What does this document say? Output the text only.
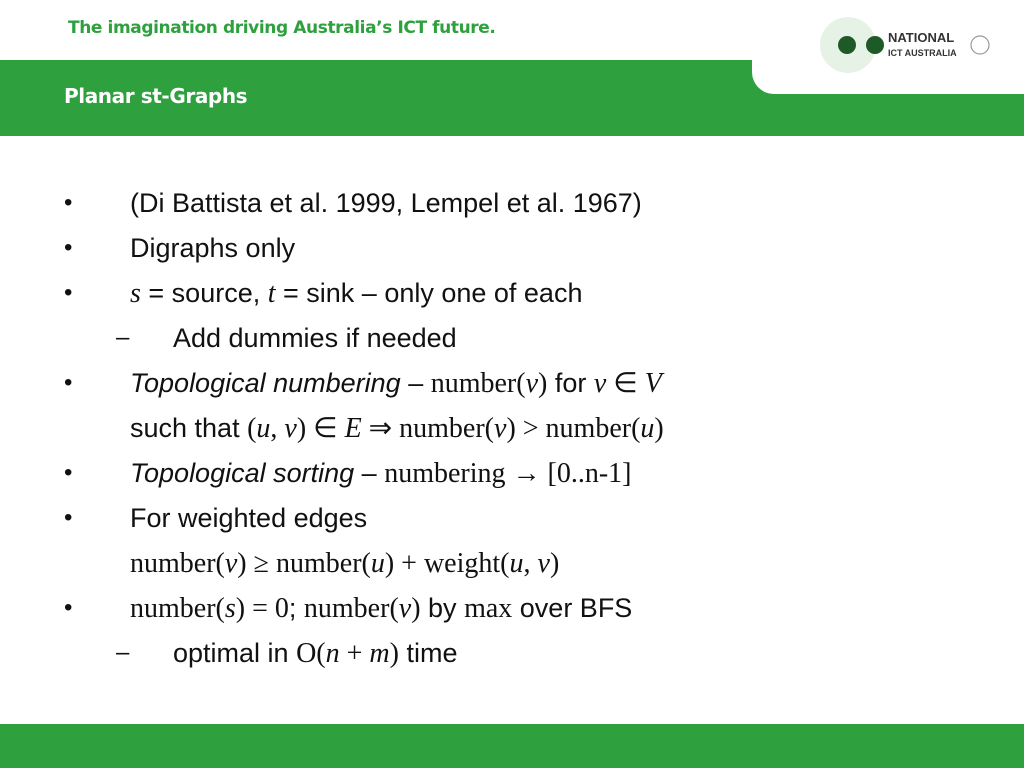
The imagination driving Australia’s ICT future.
Planar st-Graphs
NATIONAL
ICT AUSTRALIA
• (Di Battista et al. 1999, Lempel et al. 1967)
• Digraphs only
• s = source, t = sink – only one of each
– Add dummies if needed
• Topological numbering – number(v) for v ∈ V
such that (u, v) ∈ E ⇒ number(v) > number(u)
• Topological sorting – numbering → [0..n-1]
• For weighted edges
number(v) ≥ number(u) + weight(u, v)
• number(s) = 0; number(v) by max over BFS
– optimal in O(n + m) time
